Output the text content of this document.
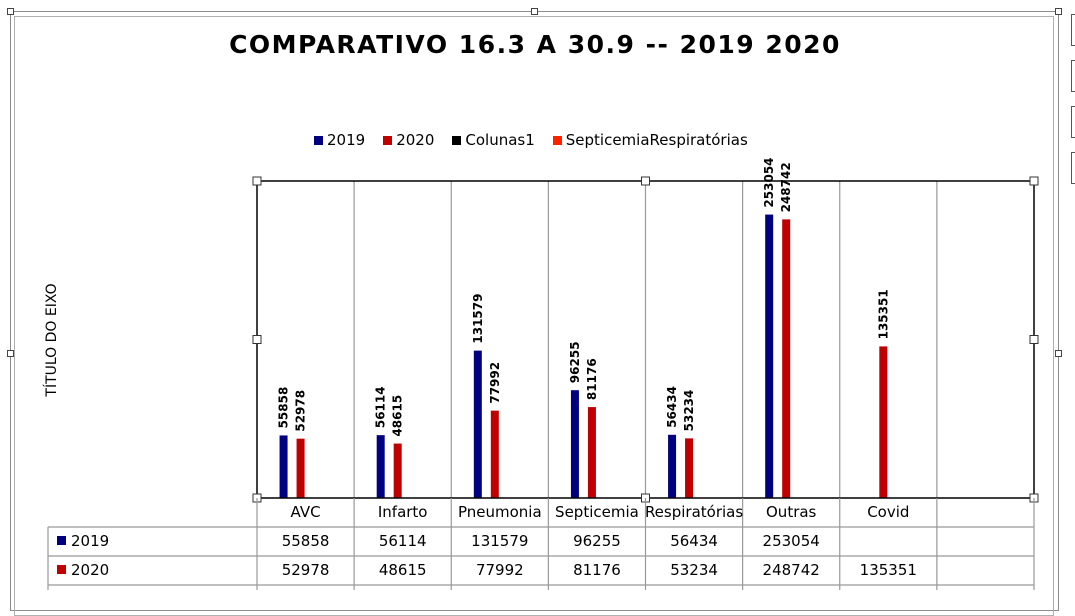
COMPARATIVO 16.3 A 30.9 -- 2019 2020
2019 2020 Colunas1 SepticemiaRespiratórias
TÍTULO DO EIXO
55858	56114
131579
96255
56434
253054
52978	48615
77992	81176
53234
248742
135351
AVC	Infarto Pneumonia Septicemia Respiratórias Outras	Covid
2019	55858	56114	131579	96255	56434	253054
2020	52978	48615	77992	81176	53234	248742	135351
